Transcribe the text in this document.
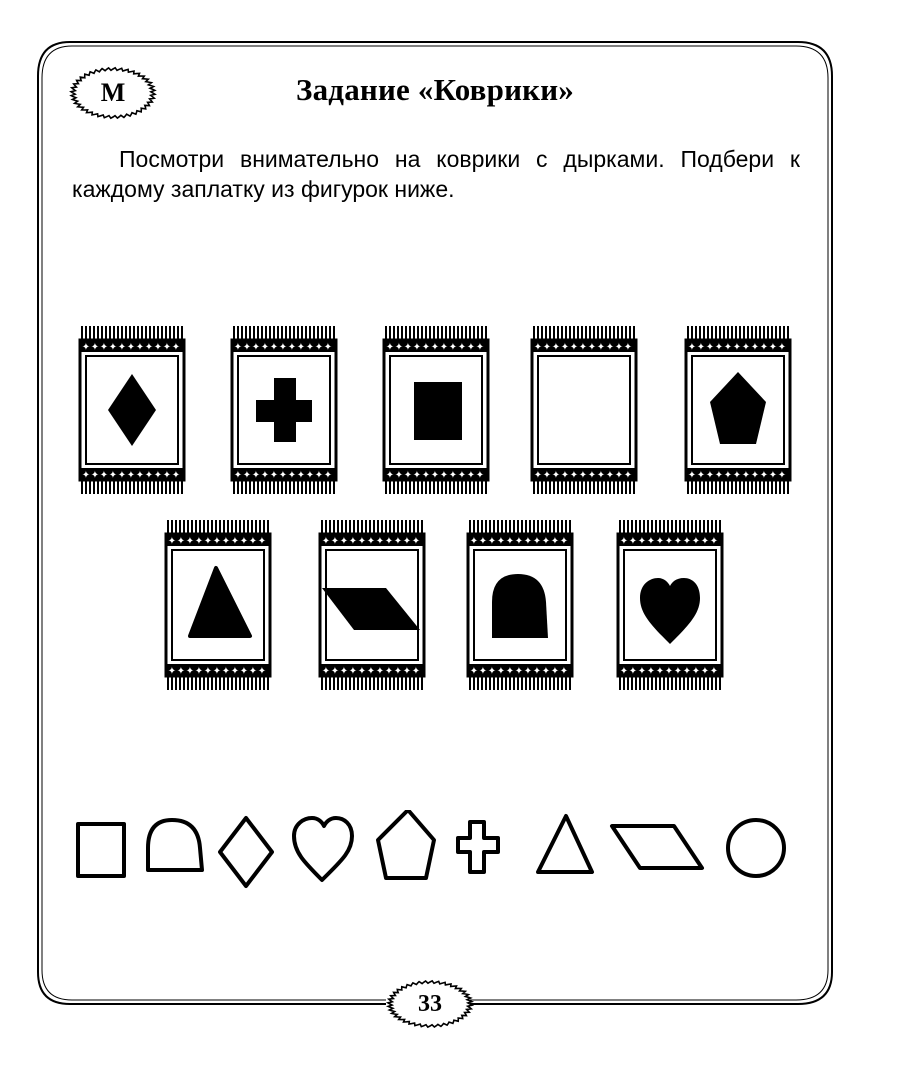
М	Задание «Коврики»
Посмотри внимательно на коврики с дырками. Подбери к каждому заплатку из фигурок ниже.
✦ ✦ ✦ ✦ ✦ ✦ ✦ ✦ ✦ ✦ ✦
✦ ✦ ✦ ✦ ✦ ✦ ✦ ✦ ✦ ✦ ✦
✦ ✦ ✦ ✦ ✦ ✦ ✦ ✦ ✦ ✦ ✦
✦ ✦ ✦ ✦ ✦ ✦ ✦ ✦ ✦ ✦ ✦
✦ ✦ ✦ ✦ ✦ ✦ ✦ ✦ ✦ ✦ ✦
✦ ✦ ✦ ✦ ✦ ✦ ✦ ✦ ✦ ✦ ✦
✦ ✦ ✦ ✦ ✦ ✦ ✦ ✦ ✦ ✦ ✦
✦ ✦ ✦ ✦ ✦ ✦ ✦ ✦ ✦ ✦ ✦
✦ ✦ ✦ ✦ ✦ ✦ ✦ ✦ ✦ ✦ ✦
✦ ✦ ✦ ✦ ✦ ✦ ✦ ✦ ✦ ✦ ✦
✦ ✦ ✦ ✦ ✦ ✦ ✦ ✦ ✦ ✦ ✦
✦ ✦ ✦ ✦ ✦ ✦ ✦ ✦ ✦ ✦ ✦
✦ ✦ ✦ ✦ ✦ ✦ ✦ ✦ ✦ ✦ ✦
✦ ✦ ✦ ✦ ✦ ✦ ✦ ✦ ✦ ✦ ✦
✦ ✦ ✦ ✦ ✦ ✦ ✦ ✦ ✦ ✦ ✦
✦ ✦ ✦ ✦ ✦ ✦ ✦ ✦ ✦ ✦ ✦
✦ ✦ ✦ ✦ ✦ ✦ ✦ ✦ ✦ ✦ ✦
✦ ✦ ✦ ✦ ✦ ✦ ✦ ✦ ✦ ✦ ✦
33
